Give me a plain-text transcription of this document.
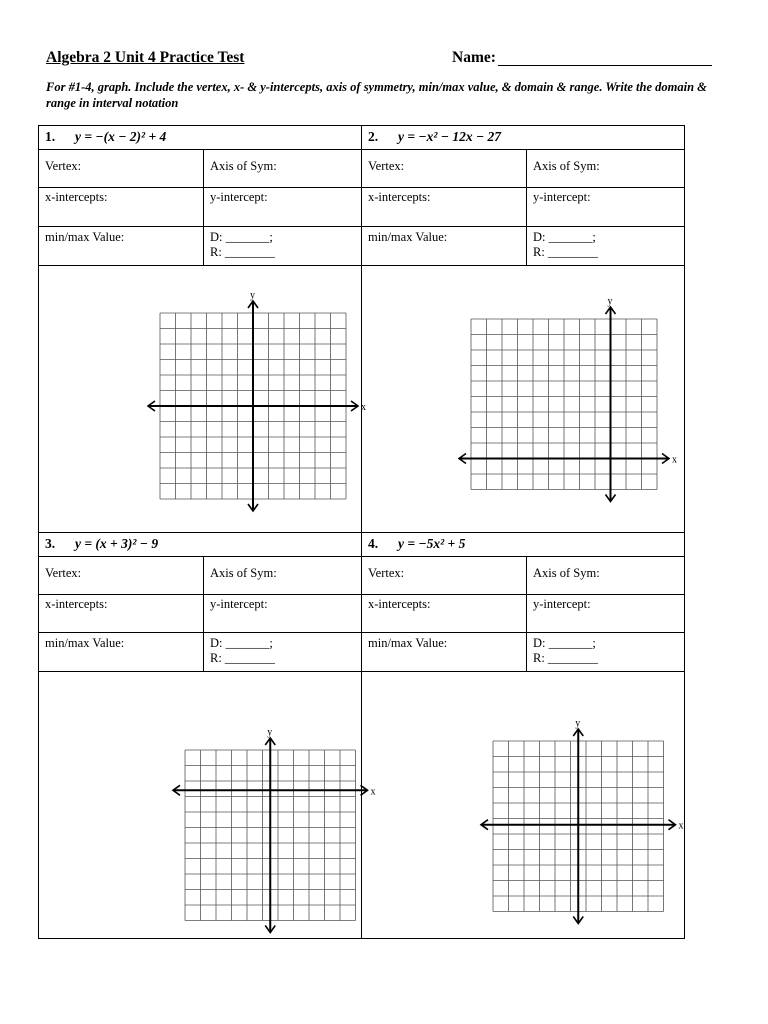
Algebra 2 Unit 4 Practice Test	Name:
For #1-4, graph. Include the vertex, x- & y-intercepts, axis of symmetry, min/max value, & domain & range. Write the domain & range in interval notation
1. y = −(x − 2)² + 4
Vertex:	Axis of Sym:
x-intercepts:	y-intercept:
min/max Value:	D: _______;
R: ________
2. y = −x² − 12x − 27
Vertex:	Axis of Sym:
x-intercepts:	y-intercept:
min/max Value:	D: _______;
R: ________
3. y = (x + 3)² − 9
Vertex:	Axis of Sym:
x-intercepts:	y-intercept:
min/max Value:	D: _______;
R: ________
4. y = −5x² + 5
Vertex:	Axis of Sym:
x-intercepts:	y-intercept:
min/max Value:	D: _______;
R: ________
x
y
x
y
x
y
x
y
